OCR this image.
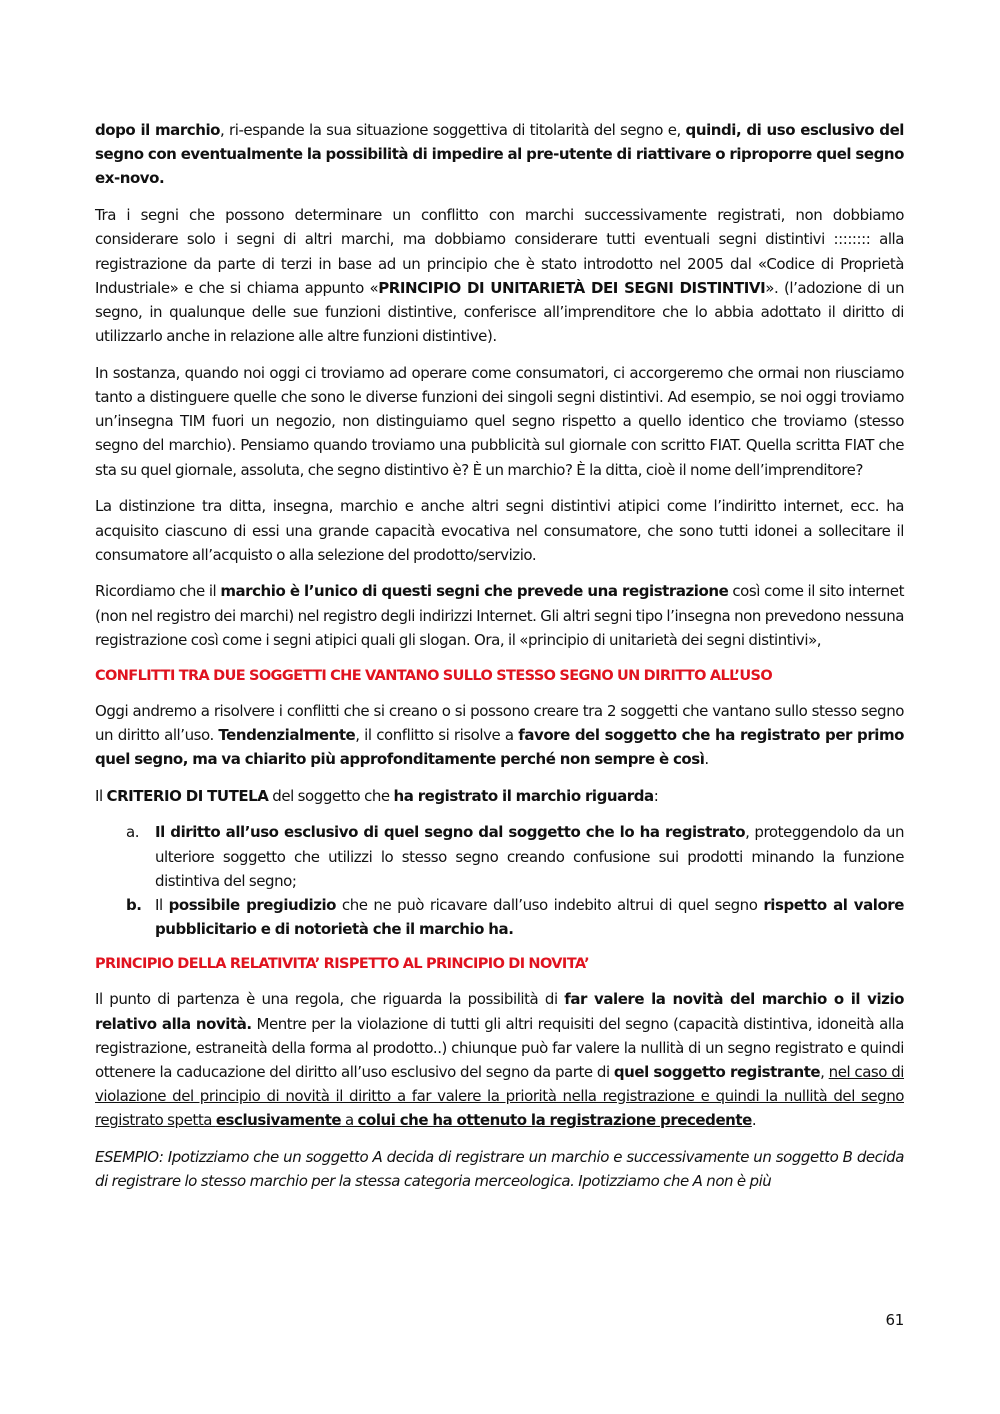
dopo il marchio, ri-espande la sua situazione soggettiva di titolarità del segno e, quindi, di uso esclusivo del segno con eventualmente la possibilità di impedire al pre-utente di riattivare o riproporre quel segno ex-novo.

Tra i segni che possono determinare un conflitto con marchi successivamente registrati, non dobbiamo considerare solo i segni di altri marchi, ma dobbiamo considerare tutti eventuali segni distintivi :::::::: alla registrazione da parte di terzi in base ad un principio che è stato introdotto nel 2005 dal «Codice di Proprietà Industriale» e che si chiama appunto «PRINCIPIO DI UNITARIETÀ DEI SEGNI DISTINTIVI». (l’adozione di un segno, in qualunque delle sue funzioni distintive, conferisce all’imprenditore che lo abbia adottato il diritto di utilizzarlo anche in relazione alle altre funzioni distintive).

In sostanza, quando noi oggi ci troviamo ad operare come consumatori, ci accorgeremo che ormai non riusciamo tanto a distinguere quelle che sono le diverse funzioni dei singoli segni distintivi. Ad esempio, se noi oggi troviamo un’insegna TIM fuori un negozio, non distinguiamo quel segno rispetto a quello identico che troviamo (stesso segno del marchio). Pensiamo quando troviamo una pubblicità sul giornale con scritto FIAT. Quella scritta FIAT che sta su quel giornale, assoluta, che segno distintivo è? È un marchio? È la ditta, cioè il nome dell’imprenditore?

La distinzione tra ditta, insegna, marchio e anche altri segni distintivi atipici come l’indiritto internet, ecc. ha acquisito ciascuno di essi una grande capacità evocativa nel consumatore, che sono tutti idonei a sollecitare il consumatore all’acquisto o alla selezione del prodotto/servizio.

Ricordiamo che il marchio è l’unico di questi segni che prevede una registrazione così come il sito internet (non nel registro dei marchi) nel registro degli indirizzi Internet. Gli altri segni tipo l’insegna non prevedono nessuna registrazione così come i segni atipici quali gli slogan. Ora, il «principio di unitarietà dei segni distintivi»,

CONFLITTI TRA DUE SOGGETTI CHE VANTANO SULLO STESSO SEGNO UN DIRITTO ALL’USO

Oggi andremo a risolvere i conflitti che si creano o si possono creare tra 2 soggetti che vantano sullo stesso segno un diritto all’uso. Tendenzialmente, il conflitto si risolve a favore del soggetto che ha registrato per primo quel segno, ma va chiarito più approfonditamente perché non sempre è così.

Il CRITERIO DI TUTELA del soggetto che ha registrato il marchio riguarda:

a. Il diritto all’uso esclusivo di quel segno dal soggetto che lo ha registrato, proteggendolo da un ulteriore soggetto che utilizzi lo stesso segno creando confusione sui prodotti minando la funzione distintiva del segno;
b. Il possibile pregiudizio che ne può ricavare dall’uso indebito altrui di quel segno rispetto al valore pubblicitario e di notorietà che il marchio ha.
PRINCIPIO DELLA RELATIVITA’ RISPETTO AL PRINCIPIO DI NOVITA’

Il punto di partenza è una regola, che riguarda la possibilità di far valere la novità del marchio o il vizio relativo alla novità. Mentre per la violazione di tutti gli altri requisiti del segno (capacità distintiva, idoneità alla registrazione, estraneità della forma al prodotto..) chiunque può far valere la nullità di un segno registrato e quindi ottenere la caducazione del diritto all’uso esclusivo del segno da parte di quel soggetto registrante, nel caso di violazione del principio di novità il diritto a far valere la priorità nella registrazione e quindi la nullità del segno registrato spetta esclusivamente a colui che ha ottenuto la registrazione precedente.

ESEMPIO: Ipotizziamo che un soggetto A decida di registrare un marchio e successivamente un soggetto B decida di registrare lo stesso marchio per la stessa categoria merceologica. Ipotizziamo che A non è più

61
